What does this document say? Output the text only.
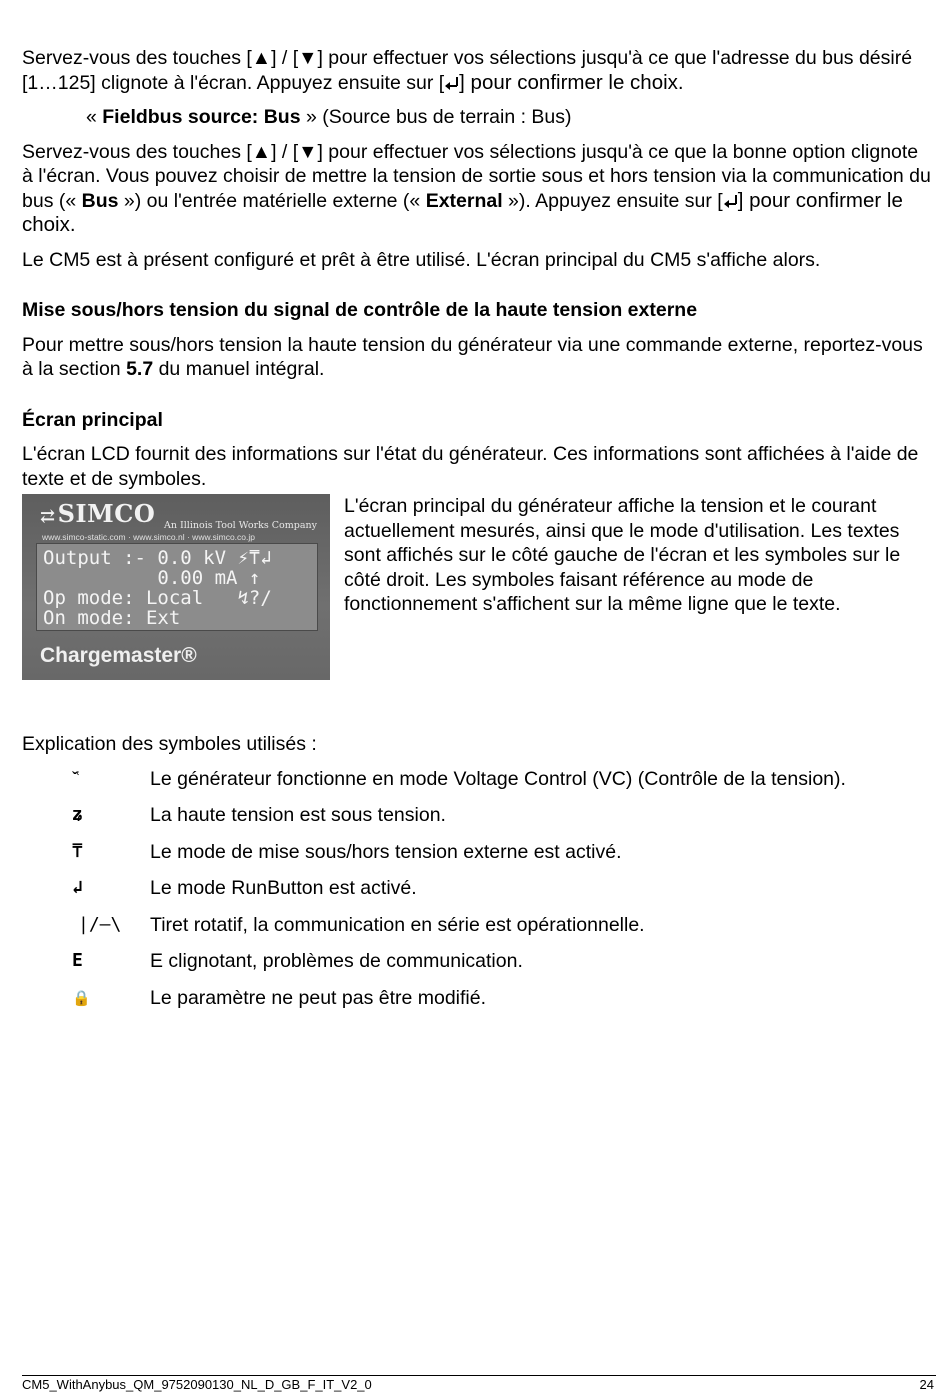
Servez-vous des touches [▲] / [▼] pour effectuer vos sélections jusqu'à ce que l'adresse du bus désiré [1…125] clignote à l'écran. Appuyez ensuite sur [ ] pour confirmer le choix.

« Fieldbus source: Bus » (Source bus de terrain : Bus)

Servez-vous des touches [▲] / [▼] pour effectuer vos sélections jusqu'à ce que la bonne option clignote à l'écran. Vous pouvez choisir de mettre la tension de sortie sous et hors tension via la communication du bus (« Bus ») ou l'entrée matérielle externe (« External »). Appuyez ensuite sur [ ] pour confirmer le choix.

Le CM5 est à présent configuré et prêt à être utilisé. L'écran principal du CM5 s'affiche alors.

Mise sous/hors tension du signal de contrôle de la haute tension externe

Pour mettre sous/hors tension la haute tension du générateur via une commande externe, reportez-vous à la section 5.7 du manuel intégral.

Écran principal

L'écran LCD fournit des informations sur l'état du générateur. Ces informations sont affichées à l'aide de texte et de symboles.

⇄SIMCO An Illinois Tool Works Company
www.simco-static.com · www.simco.nl · www.simco.co.jp
Output :- 0.0 kV ⚡⍑↲
0.00 mA ↑
Op mode: Local   ↯?/
On mode: Ext
Chargemaster®

L'écran principal du générateur affiche la tension et le courant actuellement mesurés, ainsi que le mode d'utilisation. Les textes sont affichés sur le côté gauche de l'écran et les symboles sur le côté droit. Les symboles faisant référence au mode de fonctionnement s'affichent sur la même ligne que le texte.

Explication des symboles utilisés :

ˇ͑	Le générateur fonctionne en mode Voltage Control (VC) (Contrôle de la tension).
ʑ	La haute tension est sous tension.
⍑	Le mode de mise sous/hors tension externe est activé.
↲	Le mode RunButton est activé.
|/—\	Tiret rotatif, la communication en série est opérationnelle.
E	E clignotant, problèmes de communication.
🔒	Le paramètre ne peut pas être modifié.
CM5_WithAnybus_QM_9752090130_NL_D_GB_F_IT_V2_0	24
